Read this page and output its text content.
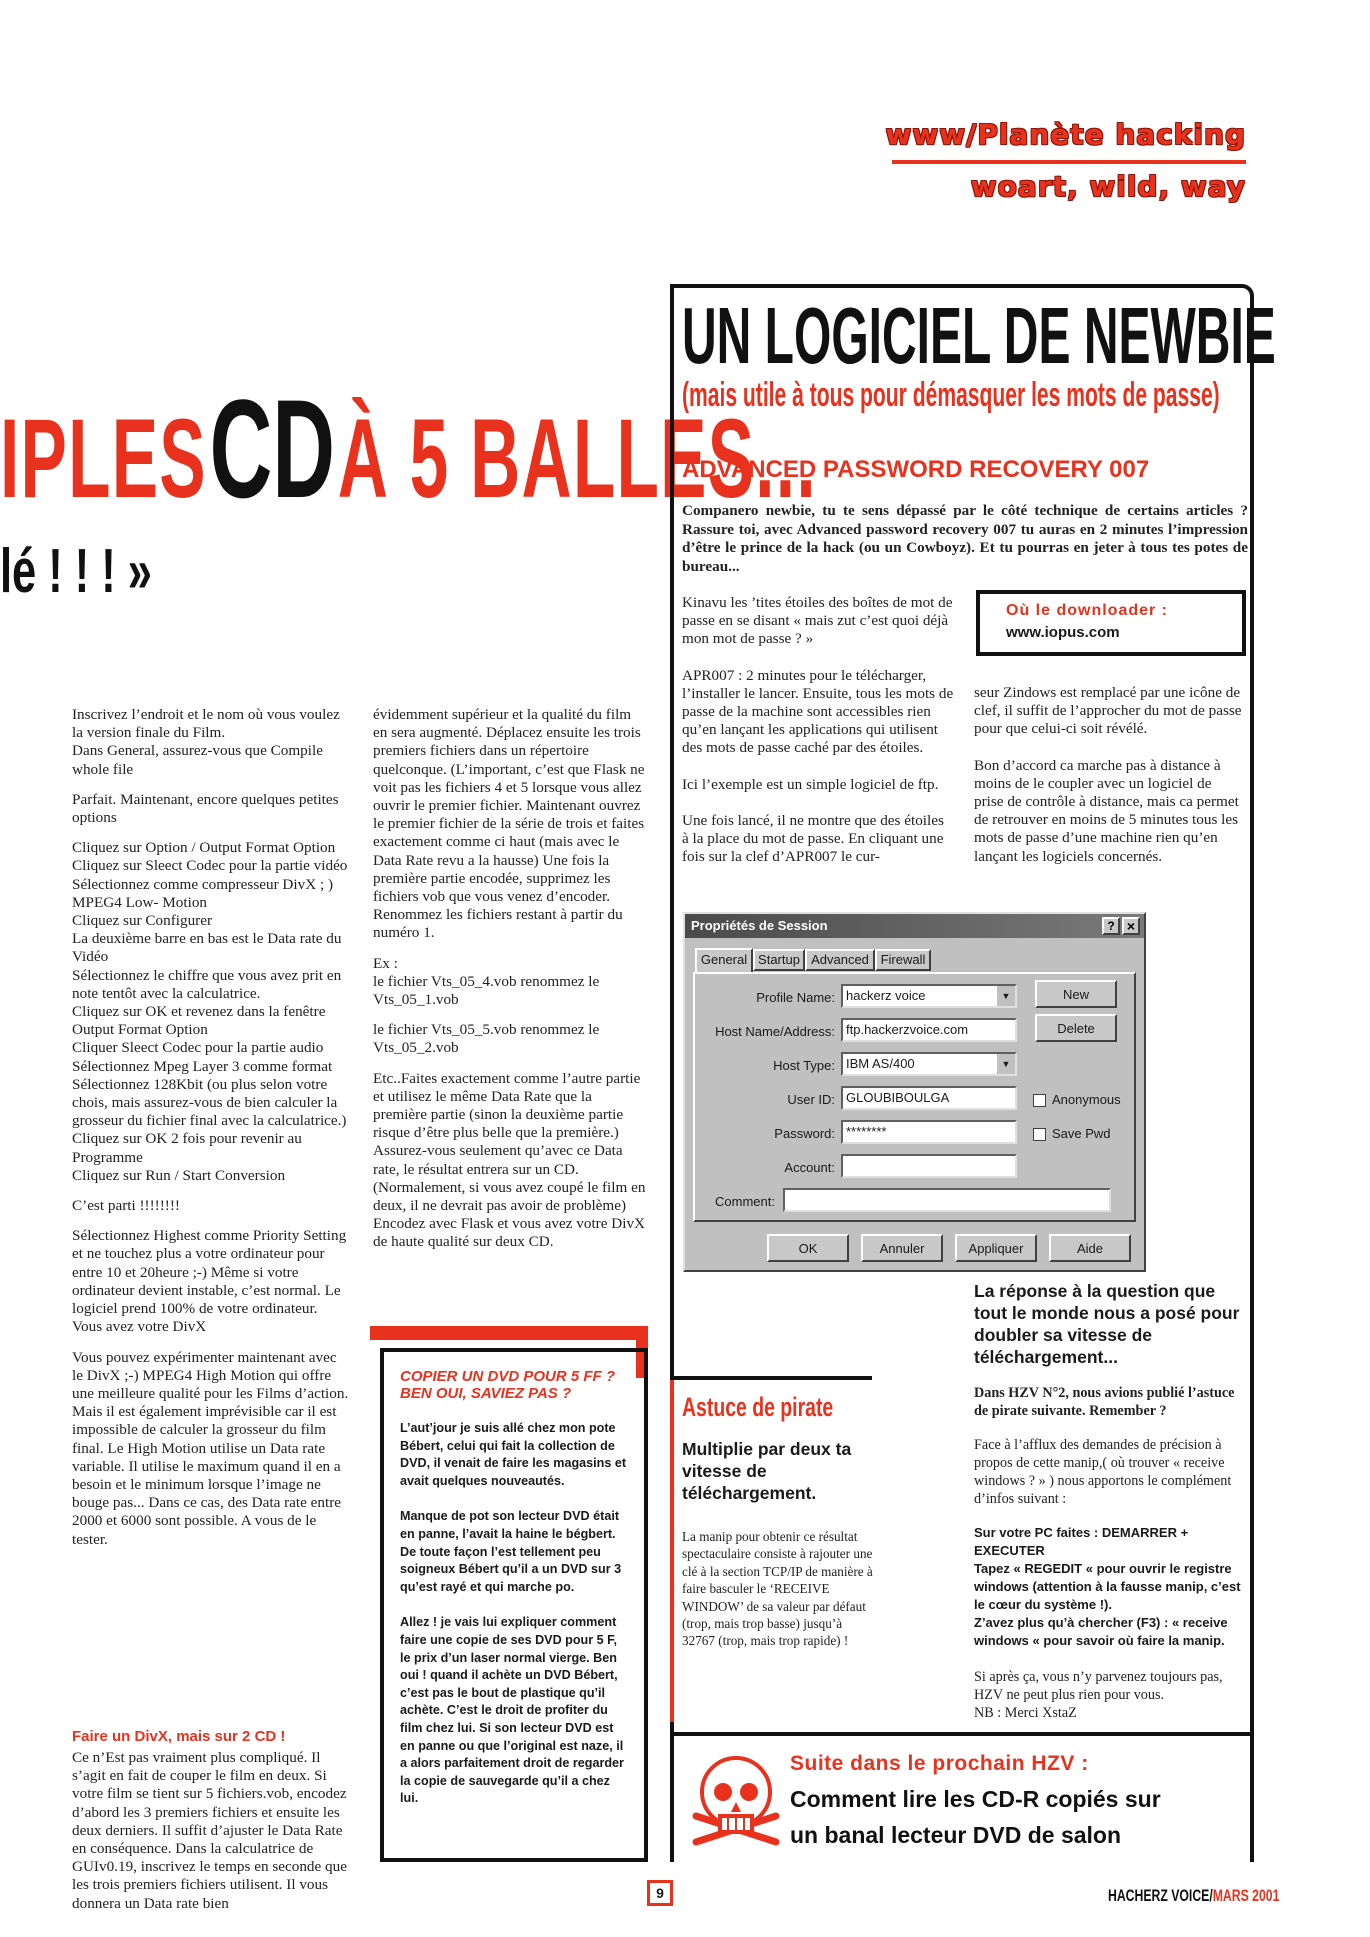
www/Planète hacking
woart, wild, way
IPLES CD À 5 BALLES...
lé ! ! ! »

Inscrivez l’endroit et le nom où vous voulez la version finale du Film.

Dans General, assurez-vous que Compile whole file

Parfait. Maintenant, encore quelques petites options

Cliquez sur Option / Output Format Option

Cliquez sur Sleect Codec pour la partie vidéo

Sélectionnez comme compresseur DivX ; ) MPEG4 Low- Motion

Cliquez sur Configurer

La deuxième barre en bas est le Data rate du Vidéo

Sélectionnez le chiffre que vous avez prit en note tentôt avec la calculatrice.

Cliquez sur OK et revenez dans la fenêtre Output Format Option

Cliquer Sleect Codec pour la partie audio

Sélectionnez Mpeg Layer 3 comme format

Sélectionnez 128Kbit (ou plus selon votre chois, mais assurez-vous de bien calculer la grosseur du fichier final avec la calculatrice.)

Cliquez sur OK 2 fois pour revenir au Programme

Cliquez sur Run / Start Conversion

C’est parti !!!!!!!!

Sélectionnez Highest comme Priority Setting et ne touchez plus a votre ordinateur pour entre 10 et 20heure ;-) Même si votre ordinateur devient instable, c’est normal. Le logiciel prend 100% de votre ordinateur.

Vous avez votre DivX

Vous pouvez expérimenter maintenant avec le DivX ;-) MPEG4 High Motion qui offre une meilleure qualité pour les Films d’action. Mais il est également imprévisible car il est impossible de calculer la grosseur du film final. Le High Motion utilise un Data rate variable. Il utilise le maximum quand il en a besoin et le minimum lorsque l’image ne bouge pas... Dans ce cas, des Data rate entre 2000 et 6000 sont possible. A vous de le tester.

Faire un DivX, mais sur 2 CD !

Ce n’Est pas vraiment plus compliqué. Il s’agit en fait de couper le film en deux. Si votre film se tient sur 5 fichiers.vob, encodez d’abord les 3 premiers fichiers et ensuite les deux derniers. Il suffit d’ajuster le Data Rate en conséquence. Dans la calculatrice de GUIv0.19, inscrivez le temps en seconde que les trois premiers fichiers utilisent. Il vous donnera un Data rate bien

évidemment supérieur et la qualité du film en sera augmenté. Déplacez ensuite les trois premiers fichiers dans un répertoire quelconque. (L’important, c’est que Flask ne voit pas les fichiers 4 et 5 lorsque vous allez ouvrir le premier fichier. Maintenant ouvrez le premier fichier de la série de trois et faites exactement comme ci haut (mais avec le Data Rate revu a la hausse) Une fois la première partie encodée, supprimez les fichiers vob que vous venez d’encoder. Renommez les fichiers restant à partir du numéro 1.

Ex :

le fichier Vts_05_4.vob renommez le Vts_05_1.vob

le fichier Vts_05_5.vob renommez le Vts_05_2.vob

Etc..Faites exactement comme l’autre partie et utilisez le même Data Rate que la première partie (sinon la deuxième partie risque d’être plus belle que la première.) Assurez-vous seulement qu’avec ce Data rate, le résultat entrera sur un CD. (Normalement, si vous avez coupé le film en deux, il ne devrait pas avoir de problème) Encodez avec Flask et vous avez votre DivX de haute qualité sur deux CD.

COPIER UN DVD POUR 5 FF ? BEN OUI, SAVIEZ PAS ?

L’aut’jour je suis allé chez mon pote Bébert, celui qui fait la collection de DVD, il venait de faire les magasins et avait quelques nouveautés.

Manque de pot son lecteur DVD était en panne, l’avait la haine le bégbert. De toute façon l’est tellement peu soigneux Bébert qu’il a un DVD sur 3 qu’est rayé et qui marche po.

Allez ! je vais lui expliquer comment faire une copie de ses DVD pour 5 F, le prix d’un laser normal vierge. Ben oui ! quand il achète un DVD Bébert, c’est pas le bout de plastique qu’il achète. C’est le droit de profiter du film chez lui. Si son lecteur DVD est en panne ou que l’original est naze, il a alors parfaitement droit de regarder la copie de sauvegarde qu’il a chez lui.

UN LOGICIEL DE NEWBIE
(mais utile à tous pour démasquer les mots de passe)
ADVANCED PASSWORD RECOVERY 007

Companero newbie, tu te sens dépassé par le côté technique de certains articles ? Rassure toi, avec Advanced password recovery 007 tu auras en 2 minutes l’impression d’être le prince de la hack (ou un Cowboyz). Et tu pourras en jeter à tous tes potes de bureau...

Kinavu les ’tites étoiles des boîtes de mot de passe en se disant « mais zut c’est quoi déjà mon mot de passe ? »

APR007 : 2 minutes pour le télécharger, l’installer le lancer. Ensuite, tous les mots de passe de la machine sont accessibles rien qu’en lançant les applications qui utilisent des mots de passe caché par des étoiles.

Ici l’exemple est un simple logiciel de ftp.

Une fois lancé, il ne montre que des étoiles à la place du mot de passe. En cliquant une fois sur la clef d’APR007 le cur-

Où le downloader :
www.iopus.com

seur Zindows est remplacé par une icône de clef, il suffit de l’approcher du mot de passe pour que celui-ci soit révélé.

Bon d’accord ca marche pas à distance à moins de le coupler avec un logiciel de prise de contrôle à distance, mais ca permet de retrouver en moins de 5 minutes tous les mots de passe d’une machine rien qu’en lançant les logiciels concernés.

Propriétés de Session	? ×
General Startup Advanced Firewall
Profile Name: hackerz voice	▼
Host Name/Address: ftp.hackerzvoice.com
Host Type: IBM AS/400	▼
User ID: GLOUBIBOULGA
Password: ********
Account:
Comment:
New
Delete
Anonymous
Save Pwd
OK	Annuler	Appliquer	Aide
Astuce de pirate
Multiplie par deux ta vitesse de téléchargement.

La manip pour obtenir ce résultat spectaculaire consiste à rajouter une clé à la section TCP/IP de manière à faire basculer le ‘RECEIVE WINDOW’ de sa valeur par défaut (trop, mais trop basse) jusqu’à 32767 (trop, mais trop rapide) !

La réponse à la question que tout le monde nous a posé pour doubler sa vitesse de téléchargement...

Dans HZV N°2, nous avions publié l’astuce de pirate suivante. Remember ?

Face à l’afflux des demandes de précision à propos de cette manip,( où trouver « receive windows ? » ) nous apportons le complément d’infos suivant :

Sur votre PC faites : DEMARRER + EXECUTER

Tapez « REGEDIT « pour ouvrir le registre windows (attention à la fausse manip, c’est le cœur du système !).

Z’avez plus qu’à chercher (F3) : « receive windows « pour savoir où faire la manip.

Si après ça, vous n’y parvenez toujours pas, HZV ne peut plus rien pour vous.

NB : Merci XstaZ

Suite dans le prochain HZV :
Comment lire les CD-R copiés sur
un banal lecteur DVD de salon
9	HACHERZ VOICE/MARS 2001
